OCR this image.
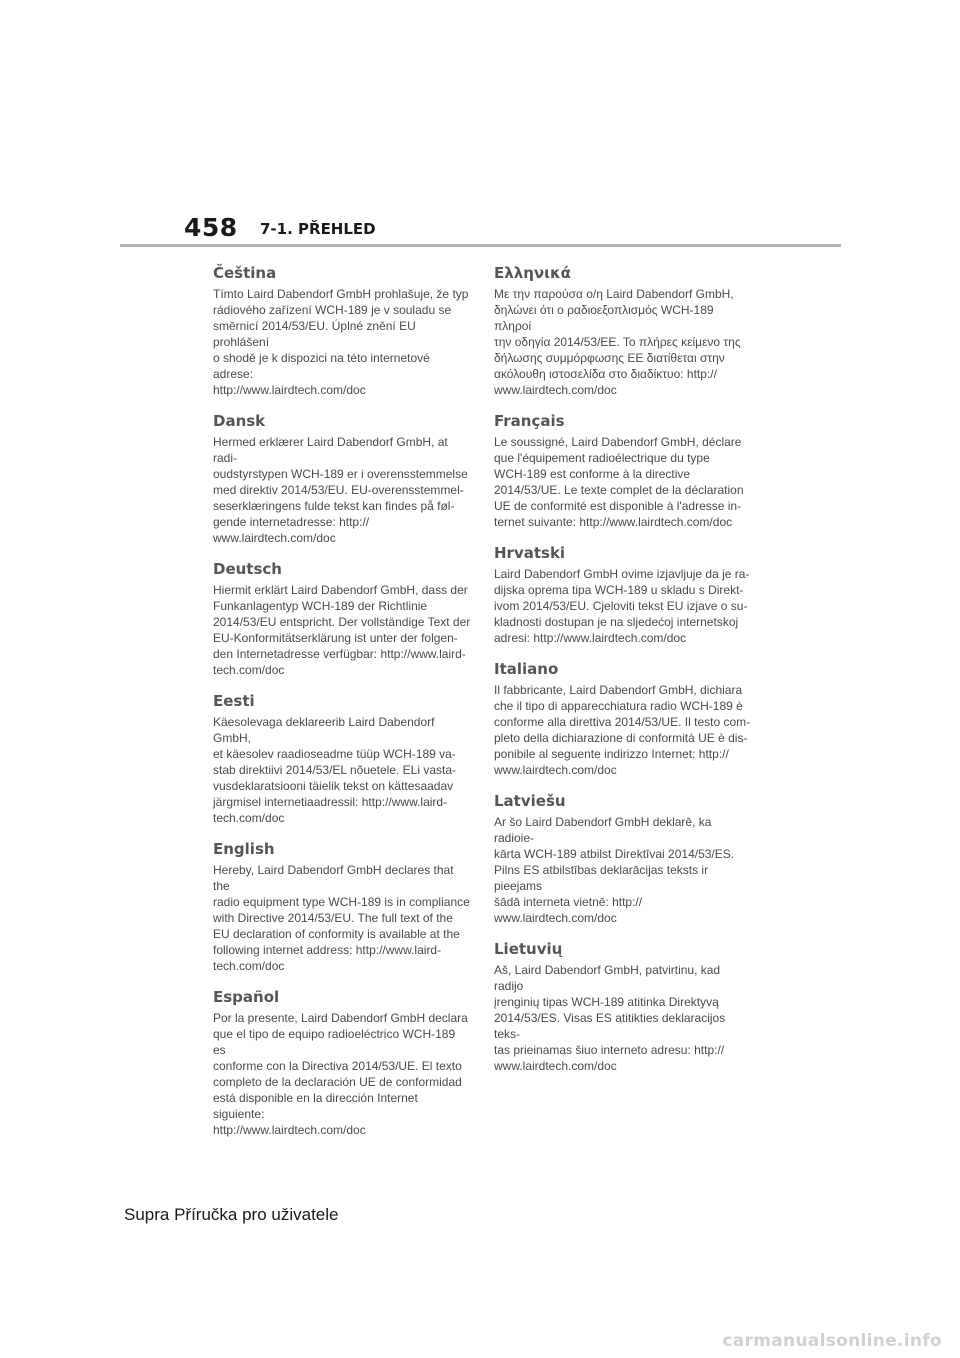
458 7-1. PŘEHLED
Čeština

Tímto Laird Dabendorf GmbH prohlašuje, že typ
rádiového zařízení WCH-189 je v souladu se
směrnicí 2014/53/EU. Úplné znění EU prohlášení
o shodě je k dispozici na této internetové adrese:
http://www.lairdtech.com/doc

Dansk

Hermed erklærer Laird Dabendorf GmbH, at radi-
oudstyrstypen WCH-189 er i overensstemmelse
med direktiv 2014/53/EU. EU-overensstemmel-
seserklæringens fulde tekst kan findes på føl-
gende internetadresse: http://
www.lairdtech.com/doc

Deutsch

Hiermit erklärt Laird Dabendorf GmbH, dass der
Funkanlagentyp WCH-189 der Richtlinie
2014/53/EU entspricht. Der vollständige Text der
EU-Konformitätserklärung ist unter der folgen-
den Internetadresse verfügbar: http://www.laird-
tech.com/doc

Eesti

Käesolevaga deklareerib Laird Dabendorf GmbH,
et käesolev raadioseadme tüüp WCH-189 va-
stab direktiivi 2014/53/EL nõuetele. ELi vasta-
vusdeklaratsiooni täielik tekst on kättesaadav
järgmisel internetiaadressil: http://www.laird-
tech.com/doc

English

Hereby, Laird Dabendorf GmbH declares that the
radio equipment type WCH-189 is in compliance
with Directive 2014/53/EU. The full text of the
EU declaration of conformity is available at the
following internet address: http://www.laird-
tech.com/doc

Español

Por la presente, Laird Dabendorf GmbH declara
que el tipo de equipo radioeléctrico WCH-189 es
conforme con la Directiva 2014/53/UE. El texto
completo de la declaración UE de conformidad
está disponible en la dirección Internet siguiente:
http://www.lairdtech.com/doc

Ελληνικά

Με την παρούσα ο/η Laird Dabendorf GmbH,
δηλώνει ότι ο ραδιοεξοπλισμός WCH-189 πληροί
την οδηγία 2014/53/ΕΕ. Το πλήρες κείμενο της
δήλωσης συμμόρφωσης ΕΕ διατίθεται στην
ακόλουθη ιστοσελίδα στο διαδίκτυο: http://
www.lairdtech.com/doc

Français

Le soussigné, Laird Dabendorf GmbH, déclare
que l'équipement radioélectrique du type
WCH-189 est conforme à la directive
2014/53/UE. Le texte complet de la déclaration
UE de conformité est disponible à l'adresse in-
ternet suivante: http://www.lairdtech.com/doc

Hrvatski

Laird Dabendorf GmbH ovime izjavljuje da je ra-
dijska oprema tipa WCH-189 u skladu s Direkt-
ivom 2014/53/EU. Cjeloviti tekst EU izjave o su-
kladnosti dostupan je na sljedećoj internetskoj
adresi: http://www.lairdtech.com/doc

Italiano

Il fabbricante, Laird Dabendorf GmbH, dichiara
che il tipo di apparecchiatura radio WCH-189 è
conforme alla direttiva 2014/53/UE. Il testo com-
pleto della dichiarazione di conformità UE è dis-
ponibile al seguente indirizzo Internet: http://
www.lairdtech.com/doc

Latviešu

Ar šo Laird Dabendorf GmbH deklarē, ka radioie-
kārta WCH-189 atbilst Direktīvai 2014/53/ES.
Pilns ES atbilstības deklarācijas teksts ir pieejams
šādā interneta vietnē: http://
www.lairdtech.com/doc

Lietuvių

Aš, Laird Dabendorf GmbH, patvirtinu, kad radijo
įrenginių tipas WCH-189 atitinka Direktyvą
2014/53/ES. Visas ES atitikties deklaracijos teks-
tas prieinamas šiuo interneto adresu: http://
www.lairdtech.com/doc

Supra Příručka pro uživatele
carmanualsonline.info
